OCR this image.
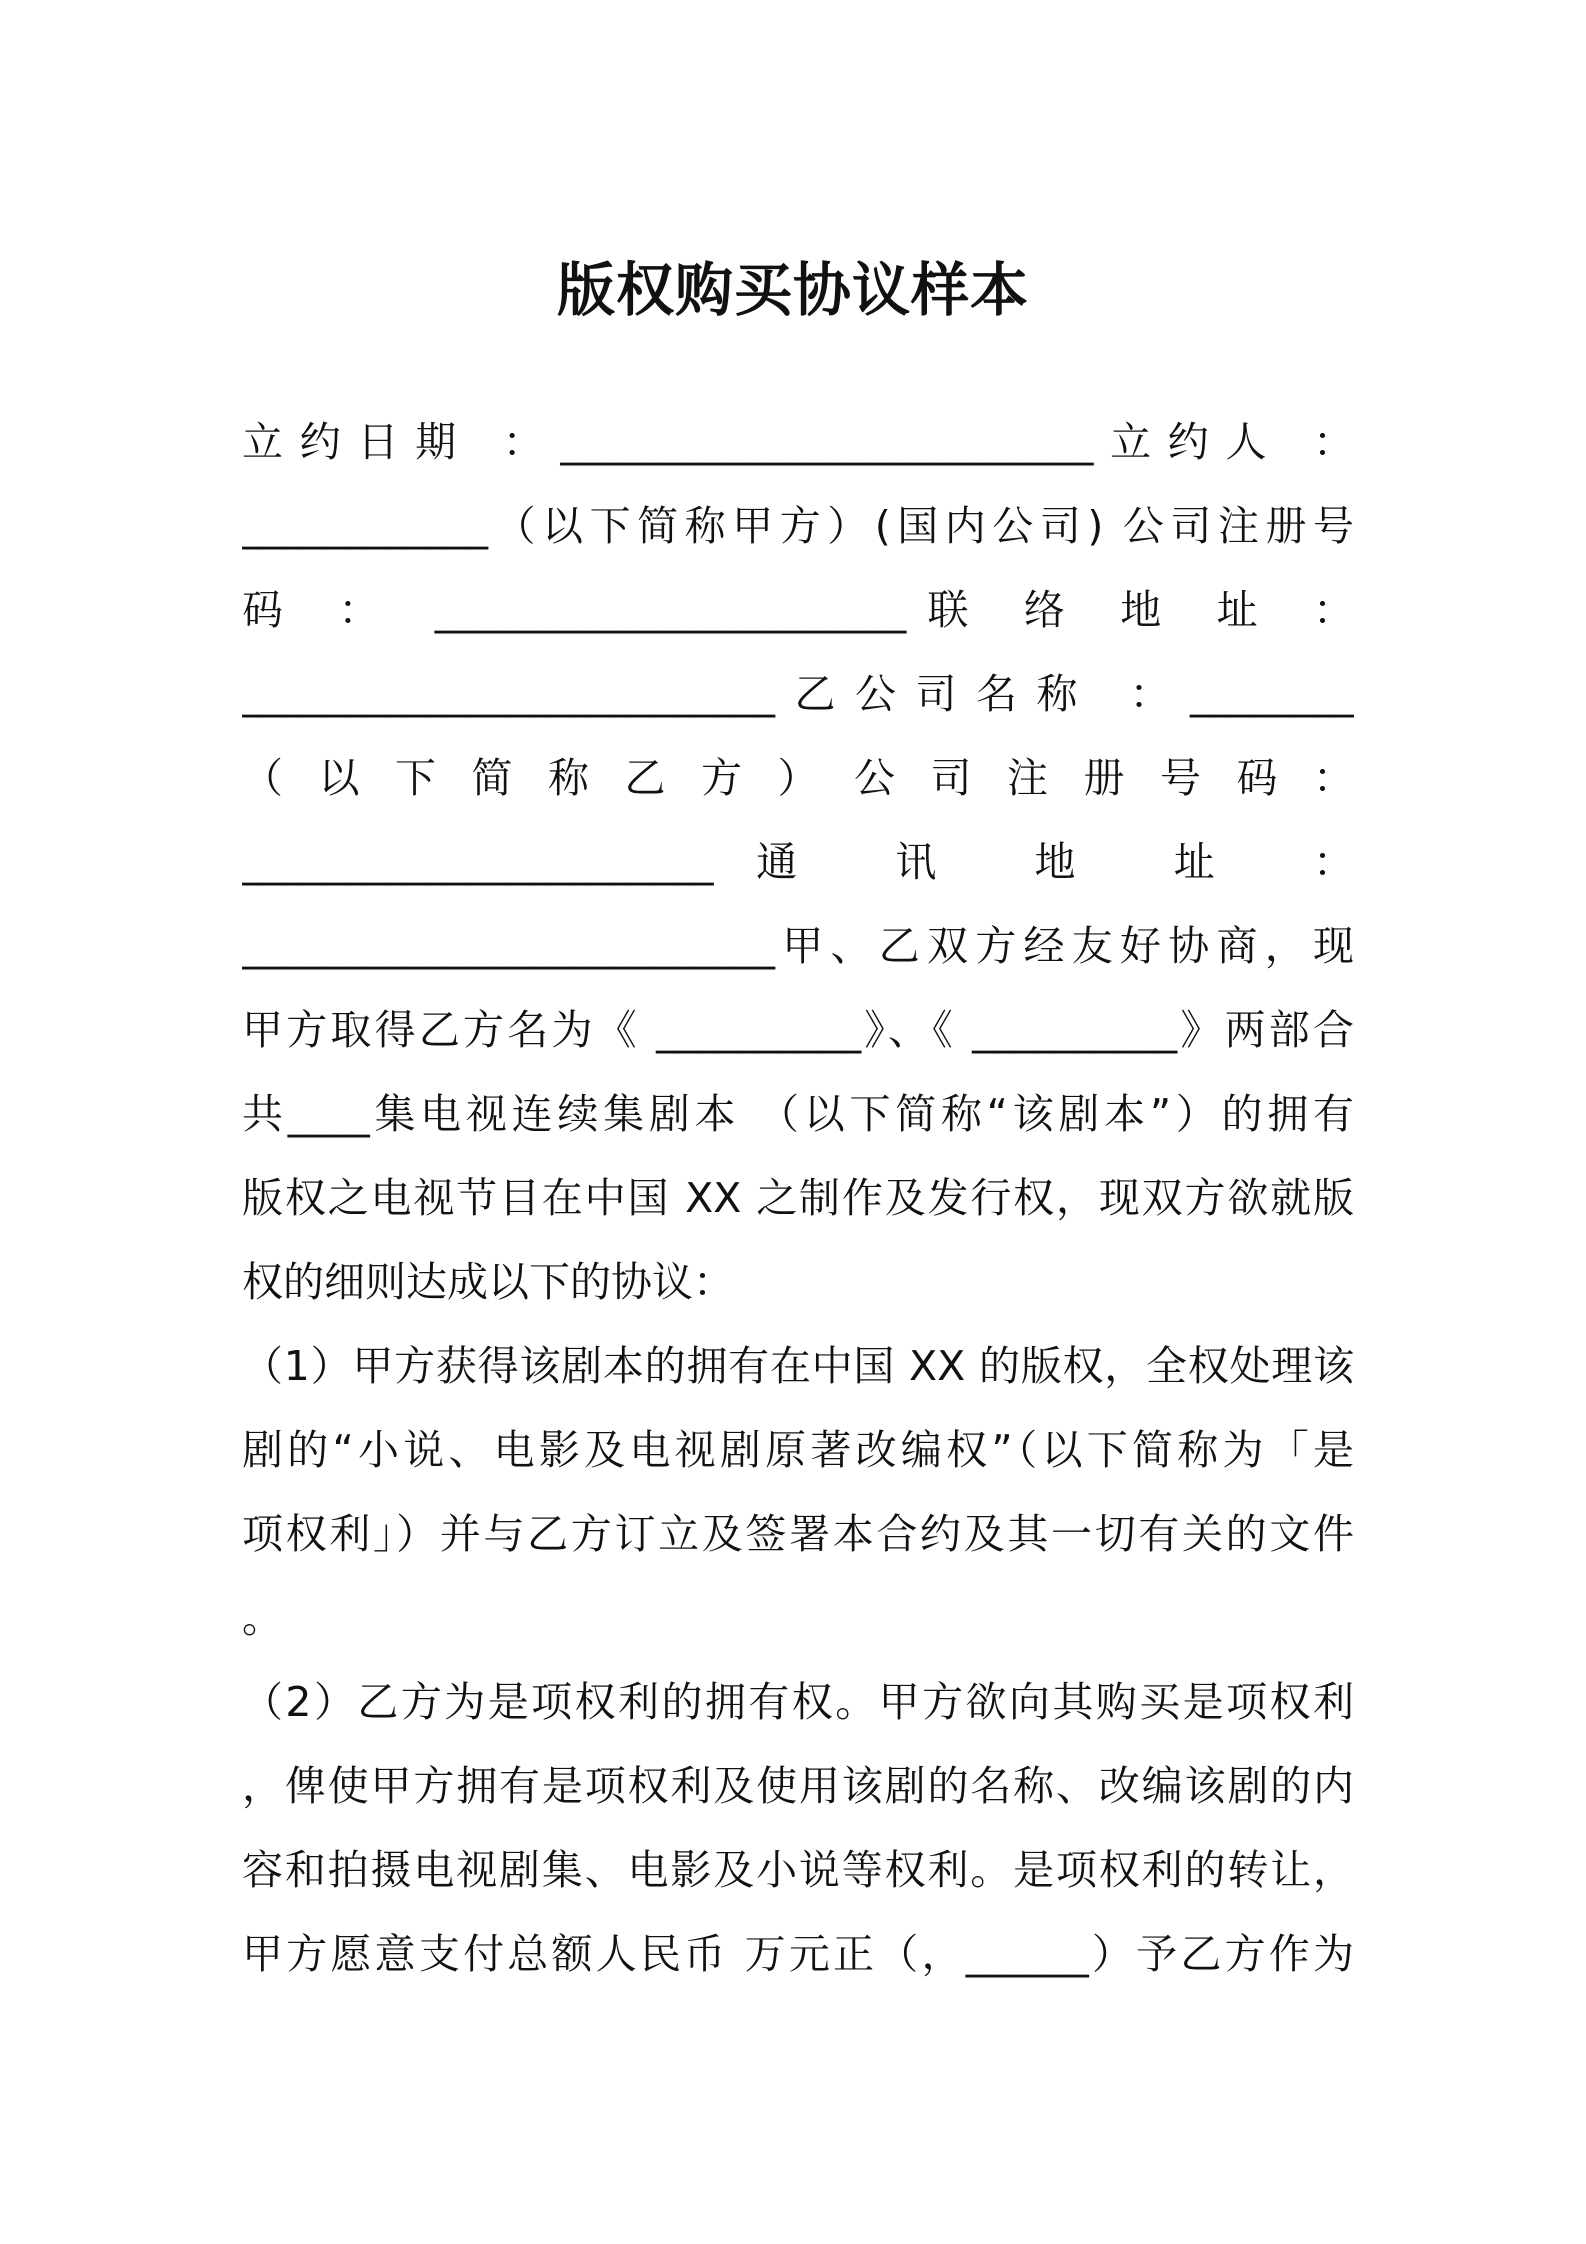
版权购买协议样本
立约日期 ：__________________________立约人 ：
____________（以下简称甲方）(国内公司) 公司注册号
码 ： _______________________联 络 地 址 ：
__________________________乙公司名称 ：________
（ 以 下 简 称 乙 方 ） 公 司 注 册 号 码 ：
_______________________通 讯 地 址 ：
__________________________甲、乙双方经友好协商，现
甲方取得乙方名为《 __________》、《 __________》两部合
共____集电视连续集剧本 （以下简称“该剧本”）的拥有
版权之电视节目在中国 XX 之制作及发行权，现双方欲就版
权的细则达成以下的协议：
（1）甲方获得该剧本的拥有在中国 XX 的版权，全权处理该
剧的“小说、电影及电视剧原著改编权”（以下简称为「是
项权利」）并与乙方订立及签署本合约及其一切有关的文件
。
（2）乙方为是项权利的拥有权。甲方欲向其购买是项权利
，俾使甲方拥有是项权利及使用该剧的名称、改编该剧的内
容和拍摄电视剧集、电影及小说等权利。是项权利的转让，
甲方愿意支付总额人民币 万元正（，______）予乙方作为
